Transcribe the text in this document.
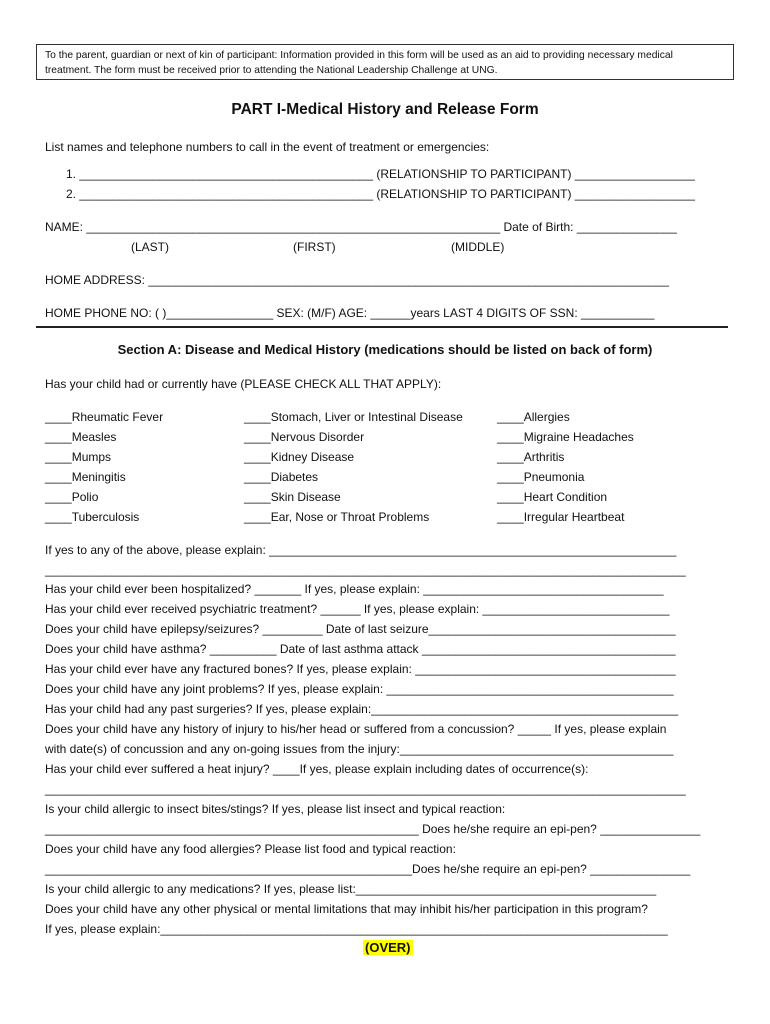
To the parent, guardian or next of kin of participant: Information provided in this form will be used as an aid to providing necessary medical
treatment. The form must be received prior to attending the National Leadership Challenge at UNG.
PART I-Medical History and Release Form
List names and telephone numbers to call in the event of treatment or emergencies:
1. ____________________________________________ (RELATIONSHIP TO PARTICIPANT) __________________
2. ____________________________________________ (RELATIONSHIP TO PARTICIPANT) __________________
NAME: ______________________________________________________________ Date of Birth: _______________
(LAST)	(FIRST)	(MIDDLE)
HOME ADDRESS: ______________________________________________________________________________
HOME PHONE NO: ( )________________ SEX: (M/F) AGE: ______years LAST 4 DIGITS OF SSN: ___________
Section A: Disease and Medical History (medications should be listed on back of form)
Has your child had or currently have (PLEASE CHECK ALL THAT APPLY):
____Rheumatic Fever
____Measles
____Mumps
____Meningitis
____Polio
____Tuberculosis
____Stomach, Liver or Intestinal Disease
____Nervous Disorder
____Kidney Disease
____Diabetes
____Skin Disease
____Ear, Nose or Throat Problems
____Allergies
____Migraine Headaches
____Arthritis
____Pneumonia
____Heart Condition
____Irregular Heartbeat
If yes to any of the above, please explain: _____________________________________________________________
________________________________________________________________________________________________
Has your child ever been hospitalized? _______ If yes, please explain: ____________________________________
Has your child ever received psychiatric treatment? ______ If yes, please explain: ____________________________
Does your child have epilepsy/seizures? _________ Date of last seizure_____________________________________
Does your child have asthma? __________ Date of last asthma attack ______________________________________
Has your child ever have any fractured bones? If yes, please explain: _______________________________________
Does your child have any joint problems? If yes, please explain: ___________________________________________
Has your child had any past surgeries? If yes, please explain:______________________________________________
Does your child have any history of injury to his/her head or suffered from a concussion? _____ If yes, please explain
with date(s) of concussion and any on-going issues from the injury:_________________________________________
Has your child ever suffered a heat injury? ____If yes, please explain including dates of occurrence(s):
________________________________________________________________________________________________
Is your child allergic to insect bites/stings? If yes, please list insect and typical reaction:
________________________________________________________ Does he/she require an epi-pen? _______________
Does your child have any food allergies? Please list food and typical reaction:
_______________________________________________________Does he/she require an epi-pen? _______________
Is your child allergic to any medications? If yes, please list:_____________________________________________
Does your child have any other physical or mental limitations that may inhibit his/her participation in this program?
If yes, please explain:____________________________________________________________________________
(OVER)
